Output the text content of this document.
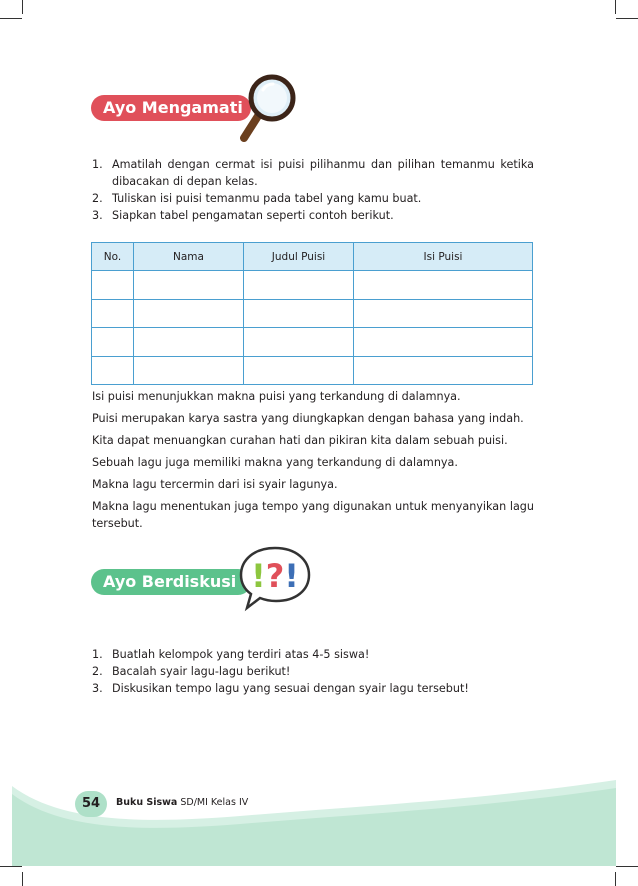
Ayo Mengamati
1. Amatilah dengan cermat isi puisi pilihanmu dan pilihan temanmu ketika dibacakan di depan kelas.
2. Tuliskan isi puisi temanmu pada tabel yang kamu buat.
3. Siapkan tabel pengamatan seperti contoh berikut.
No.	Nama	Judul Puisi	Isi Puisi

Isi puisi menunjukkan makna puisi yang terkandung di dalamnya.

Puisi merupakan karya sastra yang diungkapkan dengan bahasa yang indah.

Kita dapat menuangkan curahan hati dan pikiran kita dalam sebuah puisi.

Sebuah lagu juga memiliki makna yang terkandung di dalamnya.

Makna lagu tercermin dari isi syair lagunya.

Makna lagu menentukan juga tempo yang digunakan untuk menyanyikan lagu tersebut.

Ayo Berdiskusi !?!
1. Buatlah kelompok yang terdiri atas 4-5 siswa!
2. Bacalah syair lagu-lagu berikut!
3. Diskusikan tempo lagu yang sesuai dengan syair lagu tersebut!
54	Buku Siswa SD/MI Kelas IV
